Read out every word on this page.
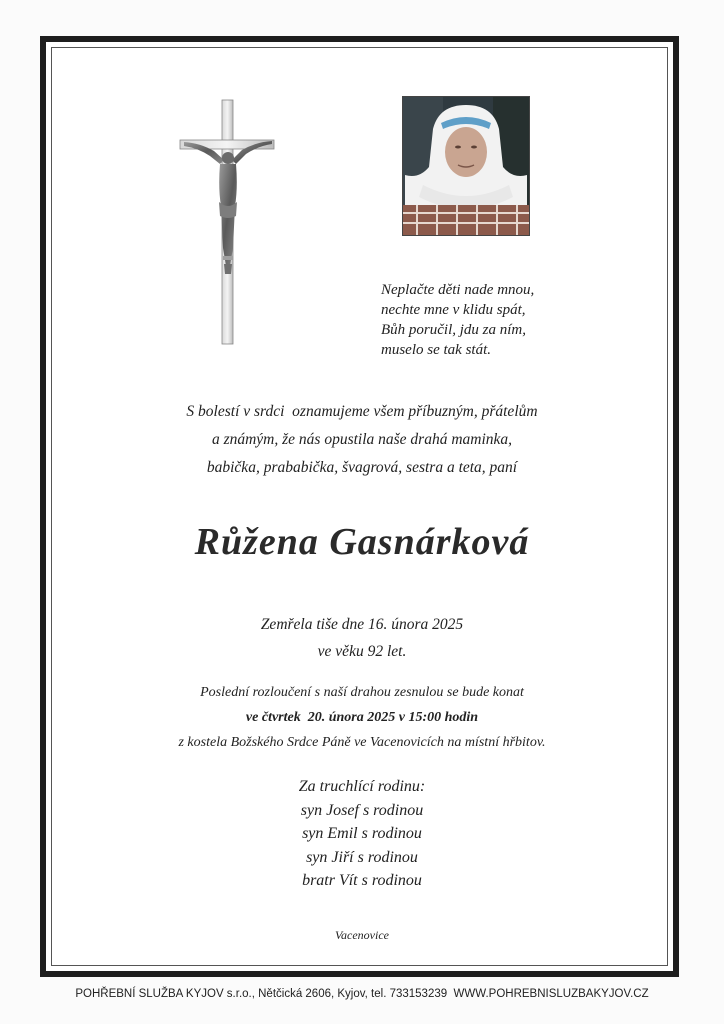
Neplačte děti nade mnou,
nechte mne v klidu spát,
Bůh poručil, jdu za ním,
muselo se tak stát.
S bolestí v srdci  oznamujeme všem příbuzným, přátelům
a známým, že nás opustila naše drahá maminka,
babička, prababička, švagrová, sestra a teta, paní
Růžena Gasnárková
Zemřela tiše dne 16. února 2025
ve věku 92 let.
Poslední rozloučení s naší drahou zesnulou se bude konat
ve čtvrtek  20. února 2025 v 15:00 hodin
z kostela Božského Srdce Páně ve Vacenovicích na místní hřbitov.
Za truchlící rodinu:
syn Josef s rodinou
syn Emil s rodinou
syn Jiří s rodinou
bratr Vít s rodinou
Vacenovice
POHŘEBNÍ SLUŽBA KYJOV s.r.o., Nětčická 2606, Kyjov, tel. 733153239  WWW.POHREBNISLUZBAKYJOV.CZ
